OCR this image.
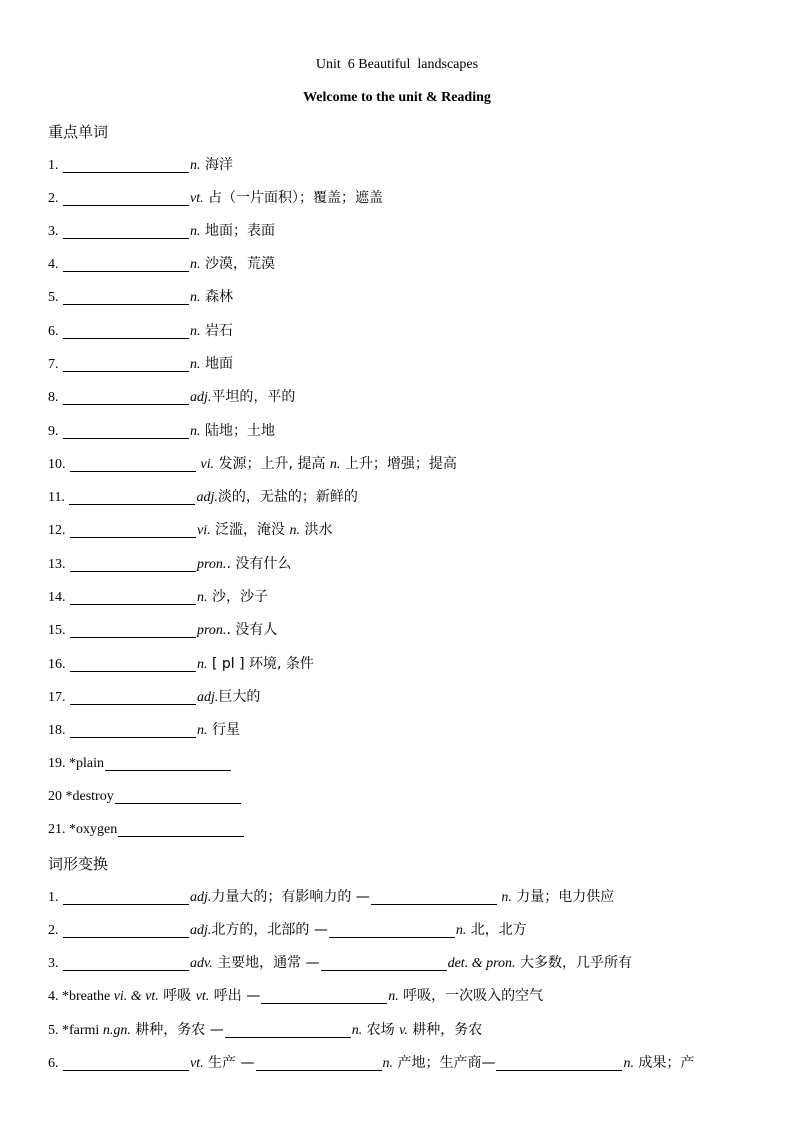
Unit  6 Beautiful  landscapes
Welcome to the unit & Reading
重点单词
1.	n. 海洋
2.	vt. 占（一片面积）；覆盖；遮盖
3.	n. 地面；表面
4.	n. 沙漠，荒漠
5.	n. 森林
6.	n. 岩石
7.	n. 地面
8.	adj.平坦的，平的
9.	n. 陆地；土地
10.	vi. 发源；上升, 提高 n. 上升；增强；提高
11.	adj.淡的，无盐的；新鲜的
12.	vi. 泛滥，淹没 n. 洪水
13.	pron.. 没有什么
14.	n. 沙，沙子
15.	pron.. 没有人
16.	n. [ pl ] 环境, 条件
17.	adj.巨大的
18.	n. 行星
19. *plain
20 *destroy
21. *oxygen
词形变换
1.	adj.力量大的；有影响力的 —	n. 力量；电力供应
2.	adj.北方的，北部的 —	n. 北，北方
3.	adv. 主要地，通常 —	det. & pron. 大多数，几乎所有
4. *breathe vi. & vt. 呼吸 vt. 呼出 —	n. 呼吸，一次吸入的空气
5. *farmi n.gn. 耕种，务农 —	n. 农场 v. 耕种，务农
6.	vt. 生产 —	n. 产地；生产商—	n. 成果；产
